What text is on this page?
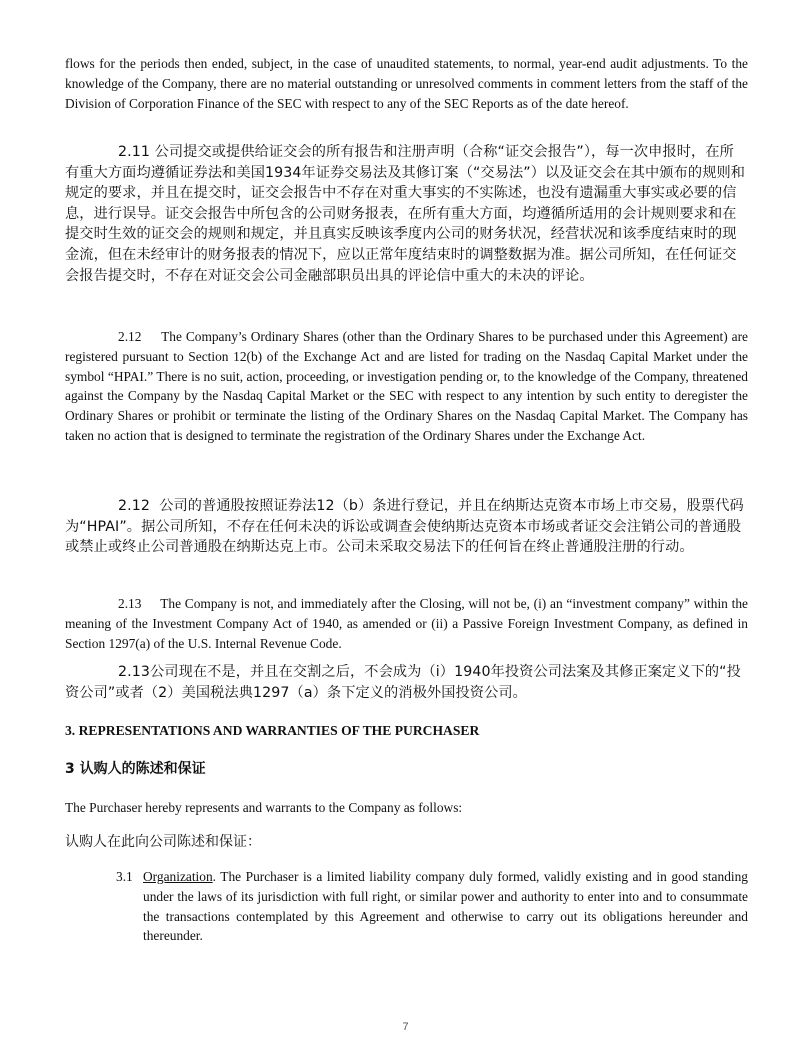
flows for the periods then ended, subject, in the case of unaudited statements, to normal, year-end audit adjustments. To the knowledge of the Company, there are no material outstanding or unresolved comments in comment letters from the staff of the Division of Corporation Finance of the SEC with respect to any of the SEC Reports as of the date hereof.

2.11 公司提交或提供给证交会的所有报告和注册声明（合称“证交会报告”），每一次申报时，在所有重大方面均遵循证券法和美国1934年证券交易法及其修订案（“交易法”）以及证交会在其中颁布的规则和规定的要求，并且在提交时，证交会报告中不存在对重大事实的不实陈述，也没有遗漏重大事实或必要的信息，进行误导。证交会报告中所包含的公司财务报表，在所有重大方面，均遵循所适用的会计规则要求和在提交时生效的证交会的规则和规定，并且真实反映该季度内公司的财务状况，经营状况和该季度结束时的现金流，但在未经审计的财务报表的情况下，应以正常年度结束时的调整数据为准。据公司所知，在任何证交会报告提交时，不存在对证交会公司金融部职员出具的评论信中重大的未决的评论。

2.12     The Company’s Ordinary Shares (other than the Ordinary Shares to be purchased under this Agreement) are registered pursuant to Section 12(b) of the Exchange Act and are listed for trading on the Nasdaq Capital Market under the symbol “HPAI.” There is no suit, action, proceeding, or investigation pending or, to the knowledge of the Company, threatened against the Company by the Nasdaq Capital Market or the SEC with respect to any intention by such entity to deregister the Ordinary Shares or prohibit or terminate the listing of the Ordinary Shares on the Nasdaq Capital Market. The Company has taken no action that is designed to terminate the registration of the Ordinary Shares under the Exchange Act.

2.12  公司的普通股按照证券法12（b）条进行登记，并且在纳斯达克资本市场上市交易，股票代码为“HPAI”。据公司所知，不存在任何未决的诉讼或调查会使纳斯达克资本市场或者证交会注销公司的普通股或禁止或终止公司普通股在纳斯达克上市。公司未采取交易法下的任何旨在终止普通股注册的行动。

2.13     The Company is not, and immediately after the Closing, will not be, (i) an “investment company” within the meaning of the Investment Company Act of 1940, as amended or (ii) a Passive Foreign Investment Company, as defined in Section 1297(a) of the U.S. Internal Revenue Code.

2.13公司现在不是，并且在交割之后，不会成为（i）1940年投资公司法案及其修正案定义下的“投资公司”或者（2）美国税法典1297（a）条下定义的消极外国投资公司。

3. REPRESENTATIONS AND WARRANTIES OF THE PURCHASER

3 认购人的陈述和保证

The Purchaser hereby represents and warrants to the Company as follows:

认购人在此向公司陈述和保证：

3.1 Organization. The Purchaser is a limited liability company duly formed, validly existing and in good standing under the laws of its jurisdiction with full right, or similar power and authority to enter into and to consummate the transactions contemplated by this Agreement and otherwise to carry out its obligations hereunder and thereunder.
7
